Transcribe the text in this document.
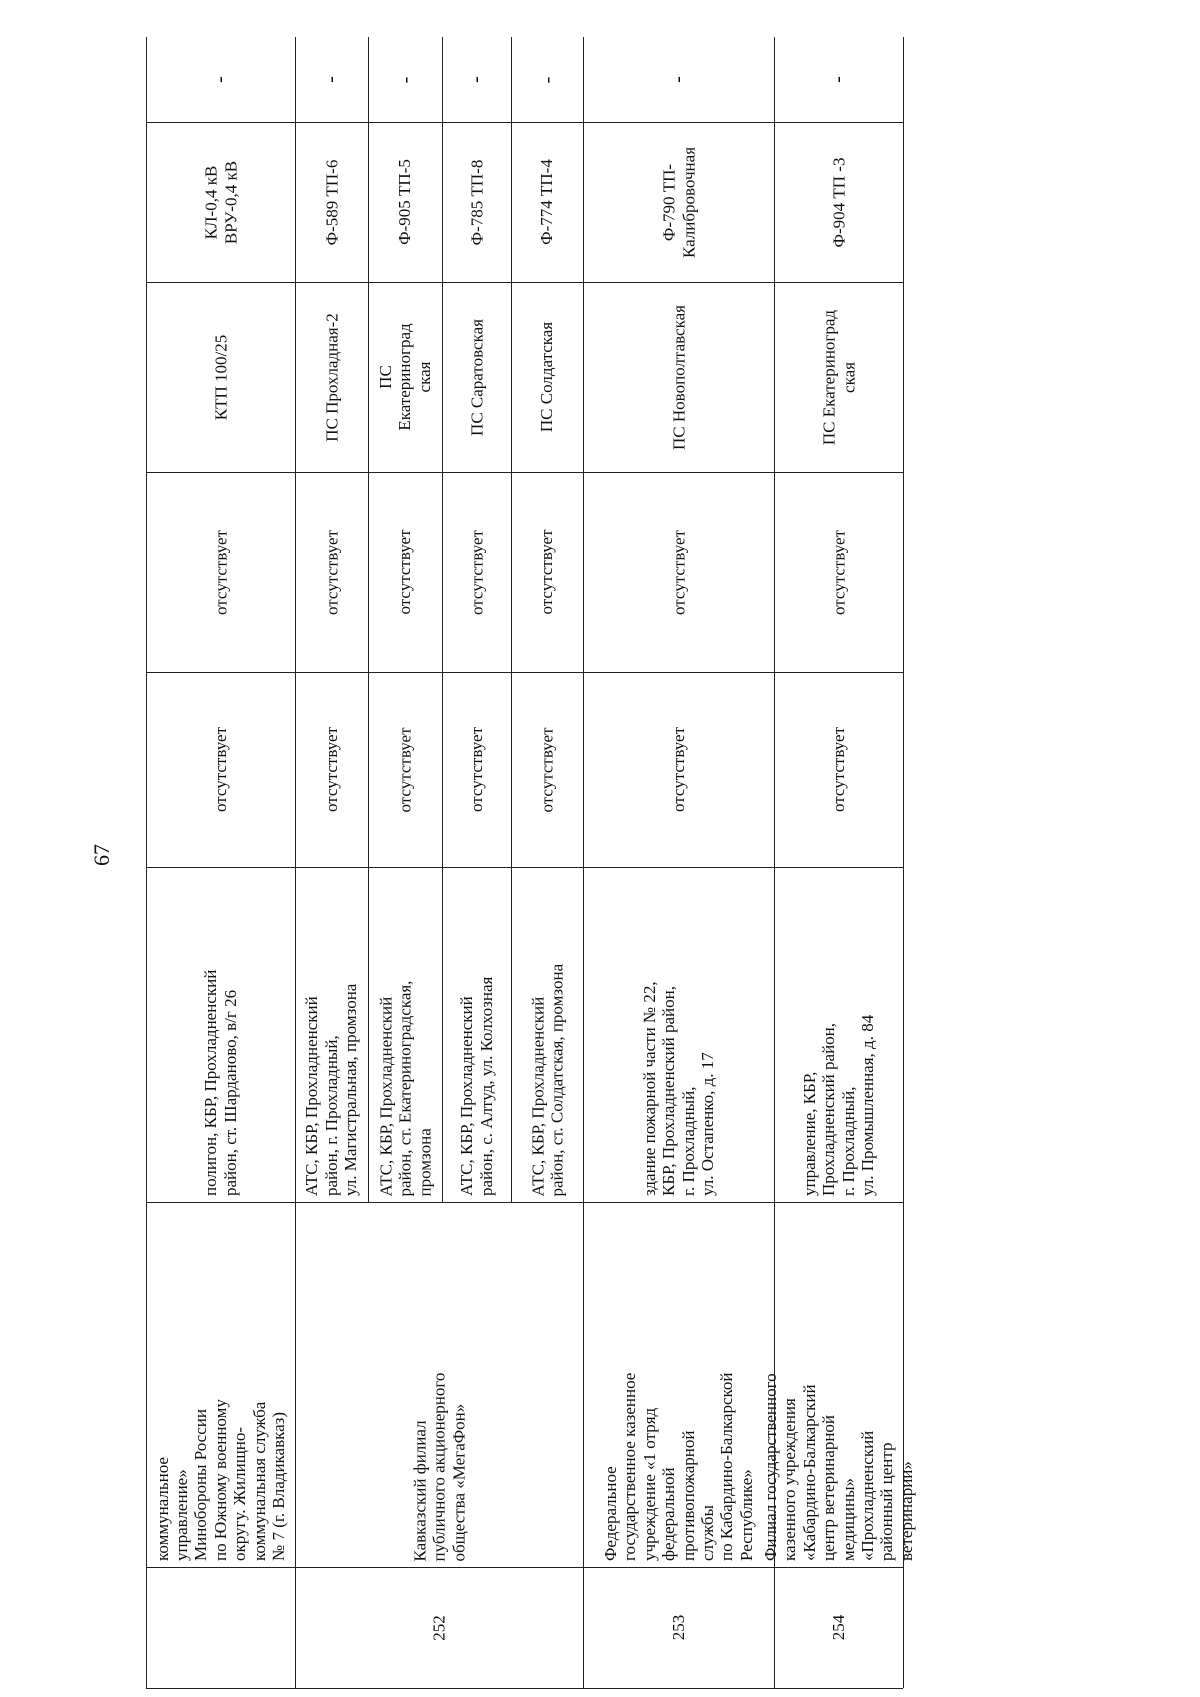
67
коммунальное
управление»
Минобороны России
по Южному военному
округу. Жилищно-
коммунальная служба
№ 7 (г. Владикавказ)
полигон, КБР, Прохладненский
район, ст. Шарданово, в/г 26
отсутствует
отсутствует
КТП 100/25
КЛ-0,4 кВ
ВРУ-0,4 кВ
-
252
Кавказский филиал
публичного акционерного
общества «МегаФон»
АТС, КБР, Прохладненский
район, г. Прохладный,
ул. Магистральная, промзона
отсутствует
отсутствует
ПС Прохладная-2
Ф-589 ТП-6
-
АТС, КБР, Прохладненский
район, ст. Екатериноградская,
промзона
отсутствует
отсутствует
ПС
Екатериноград
ская
Ф-905 ТП-5
-
АТС, КБР, Прохладненский
район, с. Алтуд, ул. Колхозная
отсутствует
отсутствует
ПС Саратовская
Ф-785 ТП-8
-
АТС, КБР, Прохладненский
район, ст. Солдатская, промзона
отсутствует
отсутствует
ПС Солдатская
Ф-774 ТП-4
-
253
Федеральное
государственное казенное
учреждение «1 отряд
федеральной
противопожарной
службы
по Кабардино-Балкарской
Республике»
здание пожарной части № 22,
КБР, Прохладненский район,
г. Прохладный,
ул. Остапенко, д. 17
отсутствует
отсутствует
ПС Новополтавская
Ф-790 ТП-
Калибровочная
-
254
Филиал государственного
казенного учреждения
«Кабардино-Балкарский
центр ветеринарной
медицины»
«Прохладненский
районный центр
ветеринарии»
управление, КБР,
Прохладненский район,
г. Прохладный,
ул. Промышленная, д. 84
отсутствует
отсутствует
ПС Екатериноград
ская
Ф-904 ТП -3
-
